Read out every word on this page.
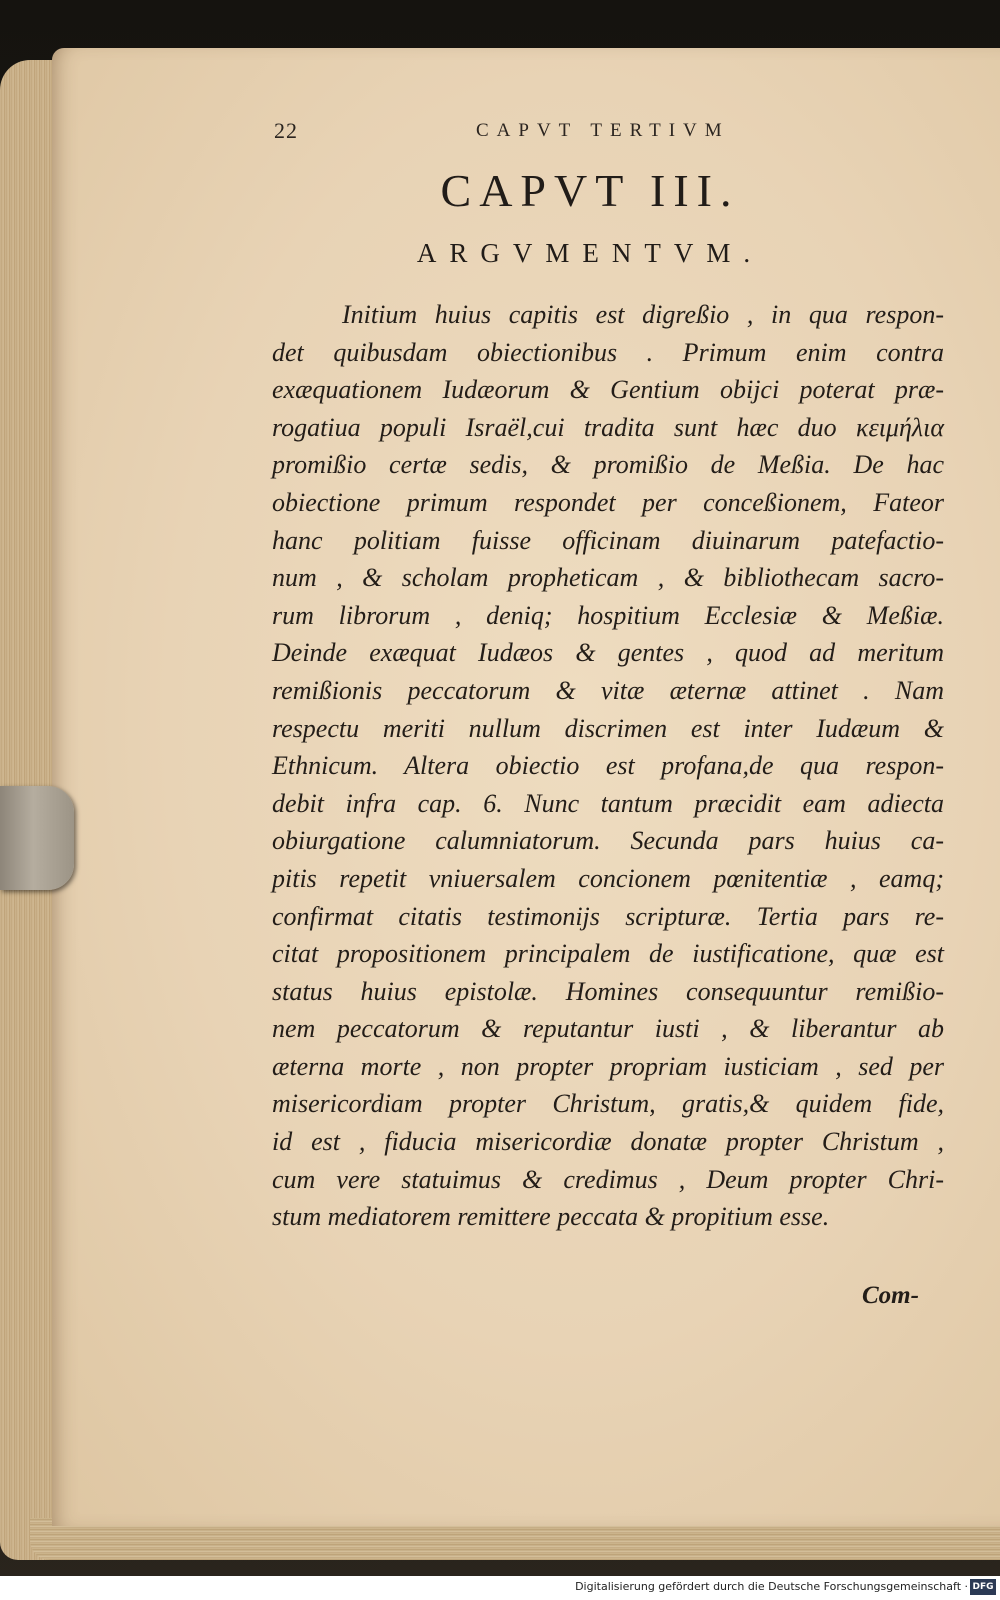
22	CAPVT TERTIVM
CAPVT III.
ARGVMENTVM.
Initium huius capitis est digreßio , in qua respon-
det quibusdam obiectionibus . Primum enim contra
exæquationem Iudæorum & Gentium obijci poterat præ-
rogatiua populi Israël,cui tradita sunt hæc duo κειμήλια
promißio certæ sedis, & promißio de Meßia. De hac
obiectione primum respondet per conceßionem, Fateor
hanc politiam fuisse officinam diuinarum patefactio-
num , & scholam propheticam , & bibliothecam sacro-
rum librorum , deniq; hospitium Ecclesiæ & Meßiæ.
Deinde exæquat Iudæos & gentes , quod ad meritum
remißionis peccatorum & vitæ æternæ attinet . Nam
respectu meriti nullum discrimen est inter Iudæum &
Ethnicum. Altera obiectio est profana,de qua respon-
debit infra cap. 6. Nunc tantum præcidit eam adiecta
obiurgatione calumniatorum. Secunda pars huius ca-
pitis repetit vniuersalem concionem pœnitentiæ , eamq;
confirmat citatis testimonijs scripturæ. Tertia pars re-
citat propositionem principalem de iustificatione, quæ est
status huius epistolæ. Homines consequuntur remißio-
nem peccatorum & reputantur iusti , & liberantur ab
æterna morte , non propter propriam iusticiam , sed per
misericordiam propter Christum, gratis,& quidem fide,
id est , fiducia misericordiæ donatæ propter Christum ,
cum vere statuimus & credimus , Deum propter Chri-
stum mediatorem remittere peccata & propitium esse.
Com-
Digitalisierung gefördert durch die Deutsche Forschungsgemeinschaft · DFG
